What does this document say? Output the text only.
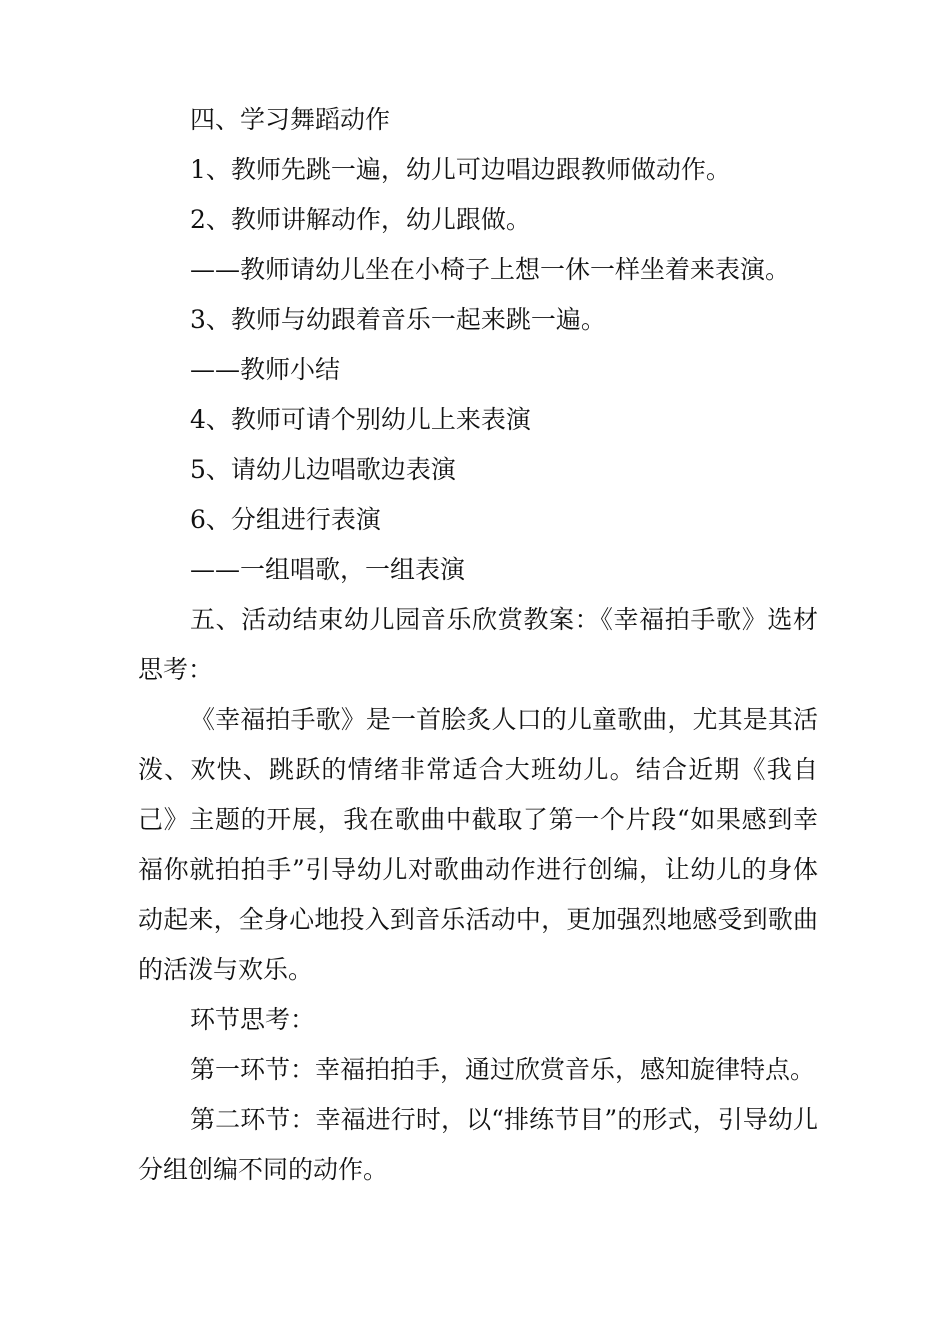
四、学习舞蹈动作

1、教师先跳一遍，幼儿可边唱边跟教师做动作。

2、教师讲解动作，幼儿跟做。

——教师请幼儿坐在小椅子上想一休一样坐着来表演。

3、教师与幼跟着音乐一起来跳一遍。

——教师小结

4、教师可请个别幼儿上来表演

5、请幼儿边唱歌边表演

6、分组进行表演

——一组唱歌，一组表演

五、活动结束幼儿园音乐欣赏教案：《幸福拍手歌》选材思考：

《幸福拍手歌》是一首脍炙人口的儿童歌曲，尤其是其活泼、欢快、跳跃的情绪非常适合大班幼儿。结合近期《我自己》主题的开展，我在歌曲中截取了第一个片段“如果感到幸福你就拍拍手”引导幼儿对歌曲动作进行创编，让幼儿的身体动起来，全身心地投入到音乐活动中，更加强烈地感受到歌曲的活泼与欢乐。

环节思考：

第一环节：幸福拍拍手，通过欣赏音乐，感知旋律特点。

第二环节：幸福进行时，以“排练节目”的形式，引导幼儿分组创编不同的动作。
